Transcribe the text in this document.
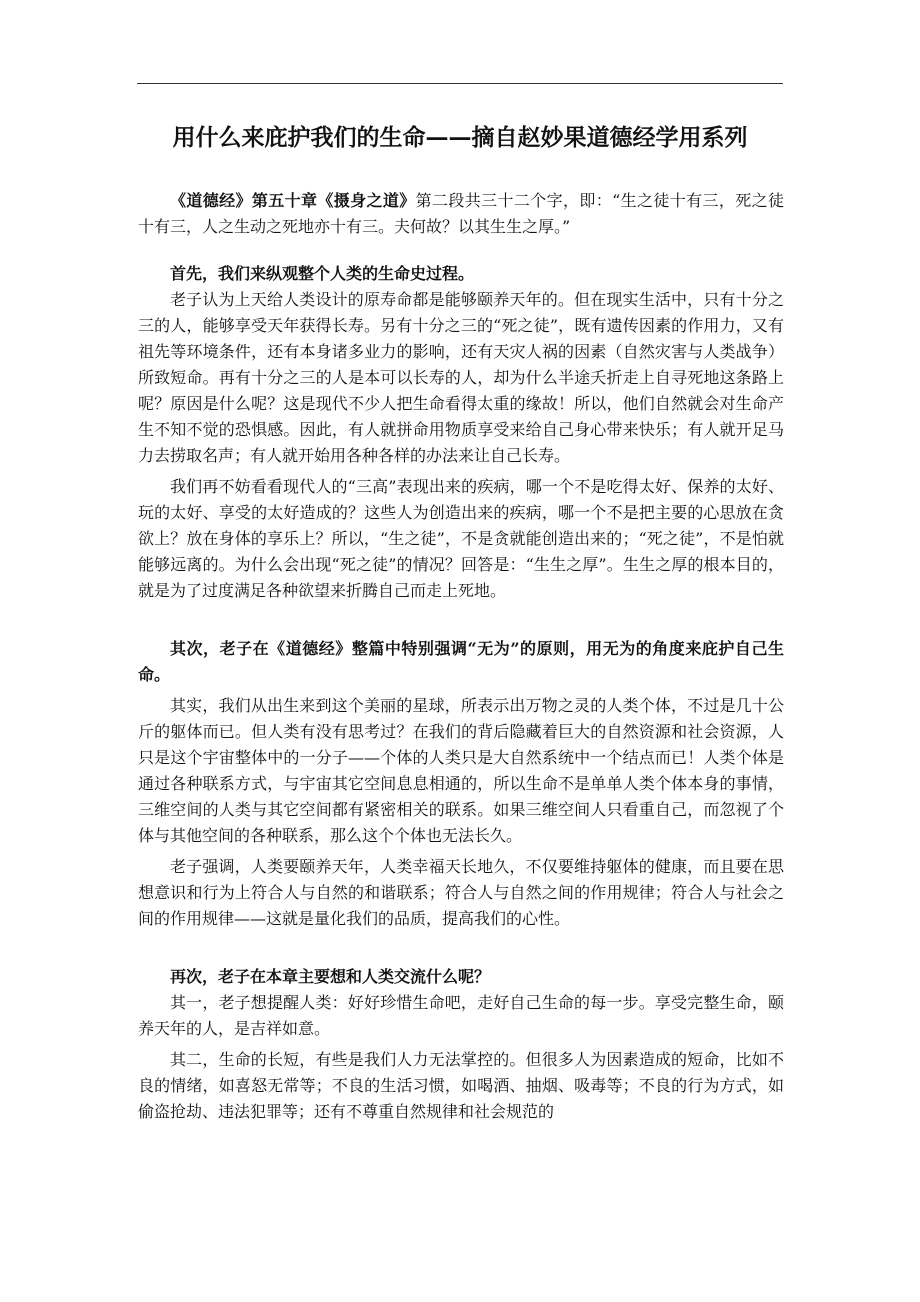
用什么来庇护我们的生命——摘自赵妙果道德经学用系列

《道德经》第五十章《摄身之道》第二段共三十二个字，即：“生之徒十有三，死之徒十有三，人之生动之死地亦十有三。夫何故？以其生生之厚。”

首先，我们来纵观整个人类的生命史过程。

老子认为上天给人类设计的原寿命都是能够颐养天年的。但在现实生活中，只有十分之三的人，能够享受天年获得长寿。另有十分之三的“死之徒”，既有遗传因素的作用力，又有祖先等环境条件，还有本身诸多业力的影响，还有天灾人祸的因素（自然灾害与人类战争）所致短命。再有十分之三的人是本可以长寿的人，却为什么半途夭折走上自寻死地这条路上呢？原因是什么呢？这是现代不少人把生命看得太重的缘故！所以，他们自然就会对生命产生不知不觉的恐惧感。因此，有人就拼命用物质享受来给自己身心带来快乐；有人就开足马力去捞取名声；有人就开始用各种各样的办法来让自己长寿。

我们再不妨看看现代人的“三高”表现出来的疾病，哪一个不是吃得太好、保养的太好、玩的太好、享受的太好造成的？这些人为创造出来的疾病，哪一个不是把主要的心思放在贪欲上？放在身体的享乐上？所以，“生之徒”，不是贪就能创造出来的；“死之徒”，不是怕就能够远离的。为什么会出现“死之徒”的情况？回答是：“生生之厚”。生生之厚的根本目的，就是为了过度满足各种欲望来折腾自己而走上死地。

其次，老子在《道德经》整篇中特别强调“无为”的原则，用无为的角度来庇护自己生命。

其实，我们从出生来到这个美丽的星球，所表示出万物之灵的人类个体，不过是几十公斤的躯体而已。但人类有没有思考过？在我们的背后隐藏着巨大的自然资源和社会资源，人只是这个宇宙整体中的一分子——个体的人类只是大自然系统中一个结点而已！人类个体是通过各种联系方式，与宇宙其它空间息息相通的，所以生命不是单单人类个体本身的事情，三维空间的人类与其它空间都有紧密相关的联系。如果三维空间人只看重自己，而忽视了个体与其他空间的各种联系，那么这个个体也无法长久。

老子强调，人类要颐养天年，人类幸福天长地久，不仅要维持躯体的健康，而且要在思想意识和行为上符合人与自然的和谐联系；符合人与自然之间的作用规律；符合人与社会之间的作用规律——这就是量化我们的品质，提高我们的心性。

再次，老子在本章主要想和人类交流什么呢？

其一，老子想提醒人类：好好珍惜生命吧，走好自己生命的每一步。享受完整生命，颐养天年的人，是吉祥如意。

其二，生命的长短，有些是我们人力无法掌控的。但很多人为因素造成的短命，比如不良的情绪，如喜怒无常等；不良的生活习惯，如喝酒、抽烟、吸毒等；不良的行为方式，如偷盗抢劫、违法犯罪等；还有不尊重自然规律和社会规范的
